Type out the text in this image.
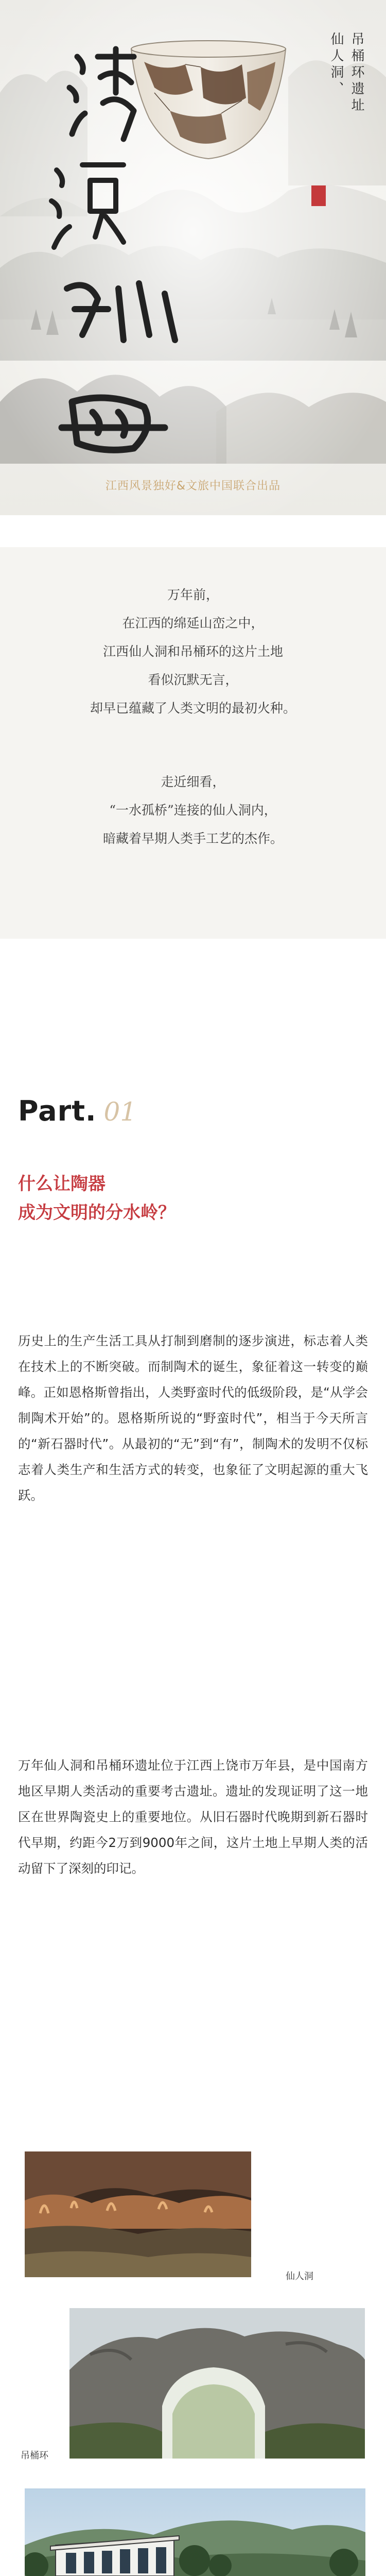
仙人洞、 吊桶环遗址
江西风景独好&文旅中国联合出品

万年前，

在江西的绵延山峦之中，

江西仙人洞和吊桶环的这片土地

看似沉默无言，

却早已蕴藏了人类文明的最初火种。

走近细看，

“一水孤桥”连接的仙人洞内，

暗藏着早期人类手工艺的杰作。

Part. 01
什么让陶器
成为文明的分水岭？
历史上的生产生活工具从打制到磨制的逐步演进，标志着人类在技术上的不断突破。而制陶术的诞生，象征着这一转变的巅峰。正如恩格斯曾指出，人类野蛮时代的低级阶段，是“从学会制陶术开始”的。恩格斯所说的“野蛮时代”，相当于今天所言的“新石器时代”。从最初的“无”到“有”，制陶术的发明不仅标志着人类生产和生活方式的转变，也象征了文明起源的重大飞跃。
万年仙人洞和吊桶环遗址位于江西上饶市万年县，是中国南方地区早期人类活动的重要考古遗址。遗址的发现证明了这一地区在世界陶瓷史上的重要地位。从旧石器时代晚期到新石器时代早期，约距今2万到9000年之间，这片土地上早期人类的活动留下了深刻的印记。
仙人洞
吊桶环
